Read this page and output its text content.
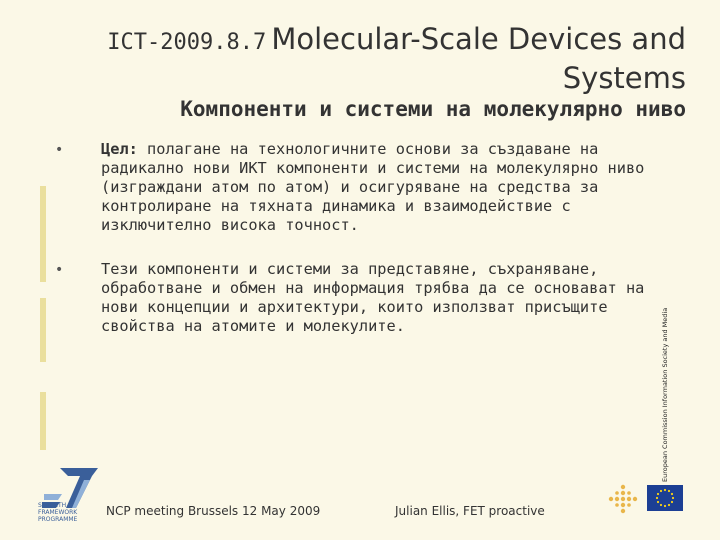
ICT-2009.8.7 Molecular-Scale Devices and
Systems
Компоненти и системи на молекулярно ниво
•	Цел: полагане на технологичните основи за създаване на радикално нови ИКТ компоненти и системи на молекулярно ниво (изграждани атом по атом) и осигуряване на средства за контролиране на тяхната динамика и взаимодействие с изключително висока точност.
•	Тези компоненти и системи за представяне, съхраняване, обработване и обмен на информация трябва да се основават на нови концепции и архитектури, които използват присъщите свойства на атомите и молекулите.
SEVENTH FRAMEWORK PROGRAMME
NCP meeting Brussels 12 May 2009	Julian Ellis, FET proactive
European Commission Information Society and Media
